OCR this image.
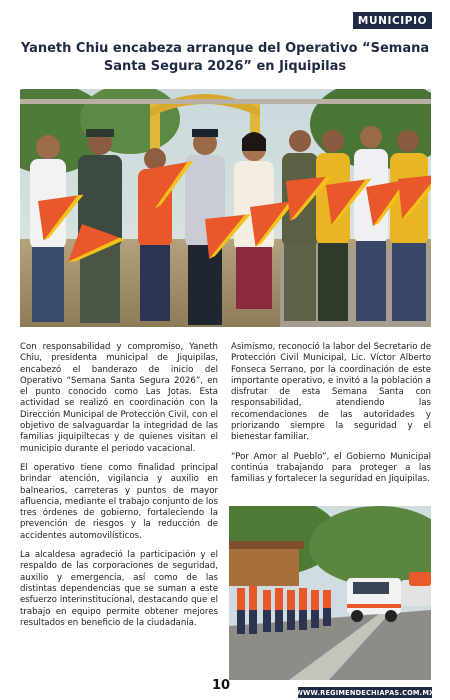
MUNICIPIO
Yaneth Chiu encabeza arranque del Operativo “Semana Santa Segura 2026” en Jiquipilas

Con responsabilidad y compromiso, Yaneth Chiu, presidenta municipal de Jiquipilas, encabezó el banderazo de inicio del Operativo “Semana Santa Segura 2026”, en el punto conocido como Las Jotas. Esta actividad se realizó en coordinación con la Dirección Municipal de Protección Civil, con el objetivo de salvaguardar la integridad de las familias jiquipiltecas y de quienes visitan el municipio durante el periodo vacacional.

El operativo tiene como finalidad principal brindar atención, vigilancia y auxilio en balnearios, carreteras y puntos de mayor afluencia, mediante el trabajo conjunto de los tres órdenes de gobierno, fortaleciendo la prevención de riesgos y la reducción de accidentes automovilísticos.

La alcaldesa agradeció la participación y el respaldo de las corporaciones de seguridad, auxilio y emergencia, así como de las distintas dependencias que se suman a este esfuerzo interinstitucional, destacando que el trabajo en equipo permite obtener mejores resultados en beneficio de la ciudadanía.

Asimismo, reconoció la labor del Secretario de Protección Civil Municipal, Lic. Víctor Alberto Fonseca Serrano, por la coordinación de este importante operativo, e invitó a la población a disfrutar de esta Semana Santa con responsabilidad, atendiendo las recomendaciones de las autoridades y priorizando siempre la seguridad y el bienestar familiar.

“Por Amor al Pueblo”, el Gobierno Municipal continúa trabajando para proteger a las familias y fortalecer la seguridad en Jiquipilas.

10	WWW.REGIMENDECHIAPAS.COM.MX
